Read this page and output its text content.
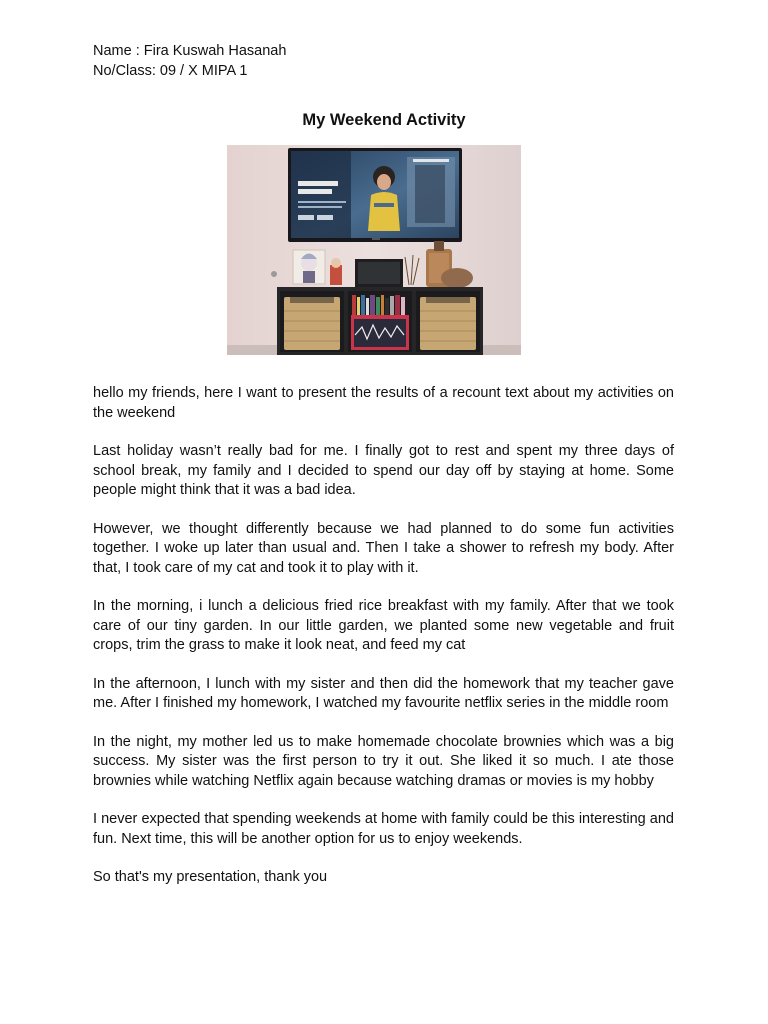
Name : Fira Kuswah Hasanah
No/Class: 09 / X MIPA 1
My Weekend Activity

hello my friends, here I want to present the results of a recount text about my activities on the weekend

Last holiday wasn’t really bad for me. I finally got to rest and spent my three days of school break, my family and I decided to spend our day off by staying at home. Some people might think that it was a bad idea.

However, we thought differently because we had planned to do some fun activities together. I woke up later than usual and. Then I take a shower to refresh my body. After that, I took care of my cat and took it to play with it.

In the morning, i lunch a delicious fried rice breakfast with my family. After that we took care of our tiny garden. In our little garden, we planted some new vegetable and fruit crops, trim the grass to make it look neat, and feed my cat

In the afternoon, I lunch with my sister and then did the homework that my teacher gave me. After I finished my homework, I watched my favourite netflix series in the middle room

In the night, my mother led us to make homemade chocolate brownies which was a big success. My sister was the first person to try it out. She liked it so much. I ate those brownies while watching Netflix again because watching dramas or movies is my hobby

I never expected that spending weekends at home with family could be this interesting and fun. Next time, this will be another option for us to enjoy weekends.

So that's my presentation, thank you
